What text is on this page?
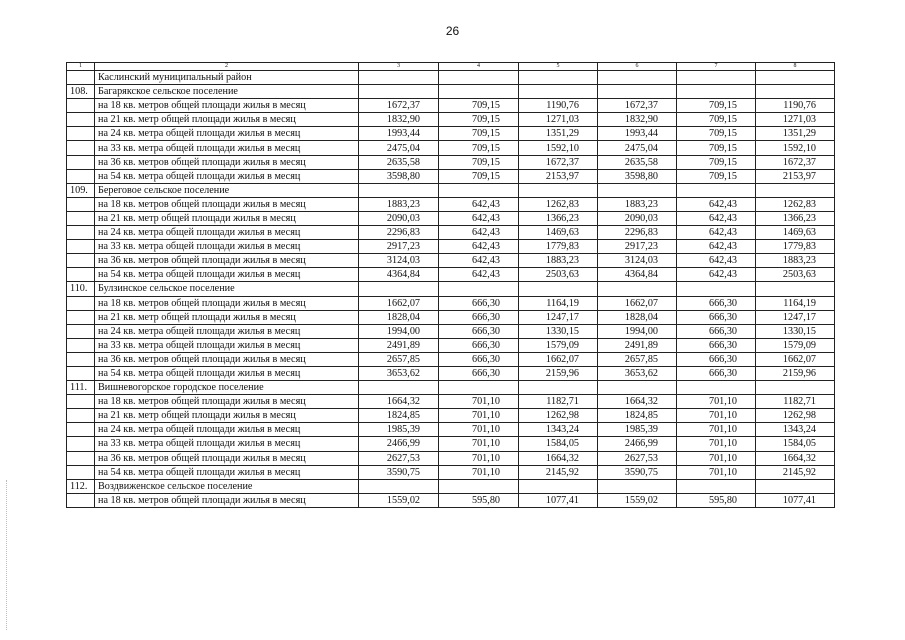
26
1	2	3	4	5	6	7	8
	Каслинский муниципальный район						
108.	Багарякское сельское поселение						
	на 18 кв. метров общей площади жилья в месяц	1672,37	709,15	1190,76	1672,37	709,15	1190,76
	на 21 кв. метр общей площади жилья в месяц	1832,90	709,15	1271,03	1832,90	709,15	1271,03
	на 24 кв. метра общей площади жилья в месяц	1993,44	709,15	1351,29	1993,44	709,15	1351,29
	на 33 кв. метра общей площади жилья в месяц	2475,04	709,15	1592,10	2475,04	709,15	1592,10
	на 36 кв. метров общей площади жилья в месяц	2635,58	709,15	1672,37	2635,58	709,15	1672,37
	на 54 кв. метра общей площади жилья в месяц	3598,80	709,15	2153,97	3598,80	709,15	2153,97
109.	Береговое сельское поселение						
	на 18 кв. метров общей площади жилья в месяц	1883,23	642,43	1262,83	1883,23	642,43	1262,83
	на 21 кв. метр общей площади жилья в месяц	2090,03	642,43	1366,23	2090,03	642,43	1366,23
	на 24 кв. метра общей площади жилья в месяц	2296,83	642,43	1469,63	2296,83	642,43	1469,63
	на 33 кв. метра общей площади жилья в месяц	2917,23	642,43	1779,83	2917,23	642,43	1779,83
	на 36 кв. метров общей площади жилья в месяц	3124,03	642,43	1883,23	3124,03	642,43	1883,23
	на 54 кв. метра общей площади жилья в месяц	4364,84	642,43	2503,63	4364,84	642,43	2503,63
110.	Булзинское сельское поселение						
	на 18 кв. метров общей площади жилья в месяц	1662,07	666,30	1164,19	1662,07	666,30	1164,19
	на 21 кв. метр общей площади жилья в месяц	1828,04	666,30	1247,17	1828,04	666,30	1247,17
	на 24 кв. метра общей площади жилья в месяц	1994,00	666,30	1330,15	1994,00	666,30	1330,15
	на 33 кв. метра общей площади жилья в месяц	2491,89	666,30	1579,09	2491,89	666,30	1579,09
	на 36 кв. метров общей площади жилья в месяц	2657,85	666,30	1662,07	2657,85	666,30	1662,07
	на 54 кв. метра общей площади жилья в месяц	3653,62	666,30	2159,96	3653,62	666,30	2159,96
111.	Вишневогорское городское поселение						
	на 18 кв. метров общей площади жилья в месяц	1664,32	701,10	1182,71	1664,32	701,10	1182,71
	на 21 кв. метр общей площади жилья в месяц	1824,85	701,10	1262,98	1824,85	701,10	1262,98
	на 24 кв. метра общей площади жилья в месяц	1985,39	701,10	1343,24	1985,39	701,10	1343,24
	на 33 кв. метра общей площади жилья в месяц	2466,99	701,10	1584,05	2466,99	701,10	1584,05
	на 36 кв. метров общей площади жилья в месяц	2627,53	701,10	1664,32	2627,53	701,10	1664,32
	на 54 кв. метра общей площади жилья в месяц	3590,75	701,10	2145,92	3590,75	701,10	2145,92
112.	Воздвиженское сельское поселение						
	на 18 кв. метров общей площади жилья в месяц	1559,02	595,80	1077,41	1559,02	595,80	1077,41
